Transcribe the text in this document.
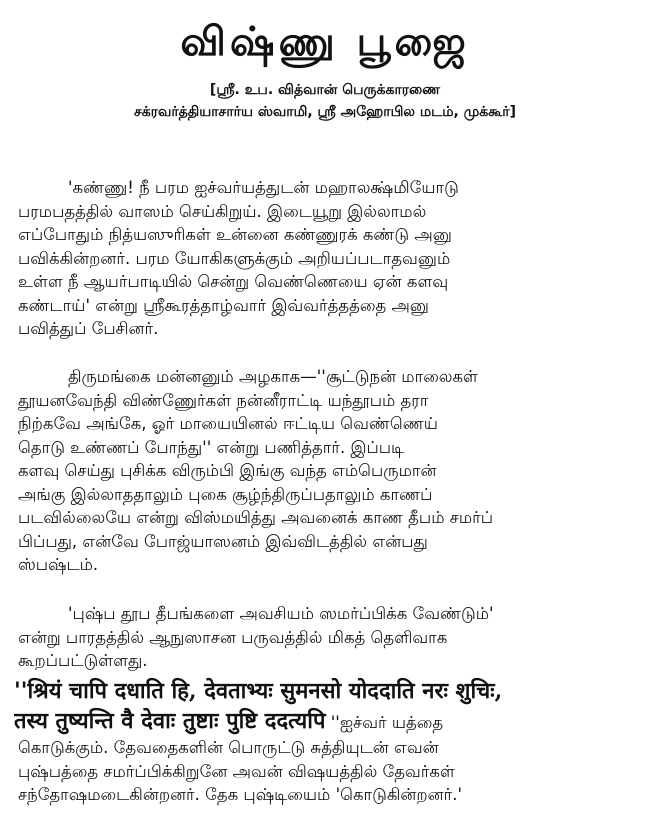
விஷ்ணு பூஜை
[ஸ்ரீ. உப. வித்வான் பெருக்காரணை
சக்ரவர்த்தியாசார்ய ஸ்வாமி, ஸ்ரீ அஹோபில மடம், முக்கூர்]
'கண்ணு! நீ பரம ஐச்வர்யத்துடன் மஹாலக்ஷ்மியோடு
பரமபதத்தில் வாஸம் செய்கிறுய். இடையூறு இல்லாமல்
எப்போதும் நித்யஸுரிகள் உன்னை கண்ணுரக் கண்டு அனு
பவிக்கின்றனர். பரம யோகிகளுக்கும் அறியப்படாதவனும்
உள்ள நீ ஆயர்பாடியில் சென்று வெண்ணெயை ஏன் களவு
கண்டாய்' என்று ஸ்ரீகூரத்தாழ்வார் இவ்வர்த்தத்தை அனு
பவித்துப் பேசினர்.
திருமங்கை மன்னனும் அழகாக—''சூட்டுநன் மாலைகள்
தூயனவேந்தி விண்ணுேர்கள் நன்னீராட்டி யந்தூபம் தரா
நிற்கவே அங்கே, ஓர் மாயையினல் ஈட்டிய வெண்ணெய்
தொடு உண்ணப் போந்து'' என்று பணித்தார். இப்படி
களவு செய்து புசிக்க விரும்பி இங்கு வந்த எம்பெருமான்
அங்கு இல்லாததாலும் புகை சூழ்ந்திருப்பதாலும் காணப்
படவில்லையே என்று விஸ்மயித்து அவனைக் காண தீபம் சமர்ப்
பிப்பது, என்வே போஜ்யாஸனம் இவ்விடத்தில் என்பது
ஸ்பஷ்டம்.
'புஷ்ப தூப தீபங்களை அவசியம் ஸமர்ப்பிக்க வேண்டும்'
என்று பாரதத்தில் ஆநுஸாசன பருவத்தில் மிகத் தெளிவாக
கூறப்பட்டுள்ளது.
''श्रियं चापि दधाति हि, देवताभ्यः सुमनसो योददाति नरः शुचिः,
तस्य तुष्यन्ति वै देवाः तुष्टाः पुष्टि ददत्यपि ''ஐச்வர் யத்தை
கொடுக்கும். தேவதைகளின் பொருட்டு சுத்தியுடன் எவன்
புஷ்பத்தை சமர்ப்பிக்கிறுனே அவன் விஷயத்தில் தேவர்கள்
சந்தோஷமடைகின்றனர். தேக புஷ்டியைம் 'கொடுகின்றனர்.'
